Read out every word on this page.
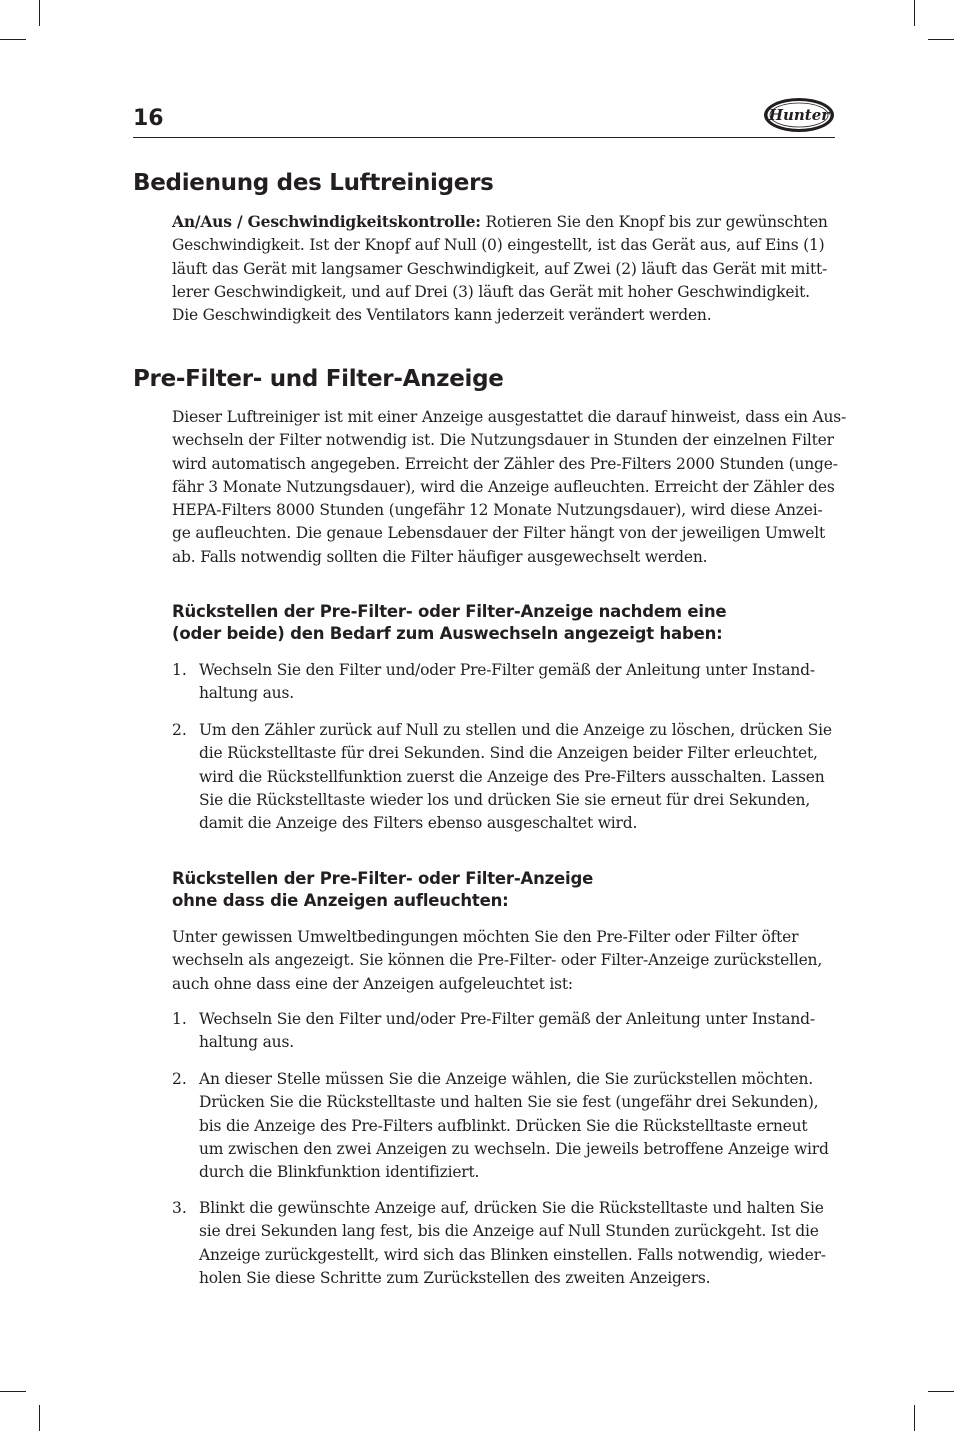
16	Hunter
Bedienung des Luftreinigers
An/Aus / Geschwindigkeitskontrolle: Rotieren Sie den Knopf bis zur gewünschten
Geschwindigkeit. Ist der Knopf auf Null (0) eingestellt, ist das Gerät aus, auf Eins (1)
läuft das Gerät mit langsamer Geschwindigkeit, auf Zwei (2) läuft das Gerät mit mitt-
lerer Geschwindigkeit, und auf Drei (3) läuft das Gerät mit hoher Geschwindigkeit.
Die Geschwindigkeit des Ventilators kann jederzeit verändert werden.
Pre-Filter- und Filter-Anzeige
Dieser Luftreiniger ist mit einer Anzeige ausgestattet die darauf hinweist, dass ein Aus-
wechseln der Filter notwendig ist. Die Nutzungsdauer in Stunden der einzelnen Filter
wird automatisch angegeben. Erreicht der Zähler des Pre-Filters 2000 Stunden (unge-
fähr 3 Monate Nutzungsdauer), wird die Anzeige aufleuchten. Erreicht der Zähler des
HEPA-Filters 8000 Stunden (ungefähr 12 Monate Nutzungsdauer), wird diese Anzei-
ge aufleuchten. Die genaue Lebensdauer der Filter hängt von der jeweiligen Umwelt
ab. Falls notwendig sollten die Filter häufiger ausgewechselt werden.
Rückstellen der Pre-Filter- oder Filter-Anzeige nachdem eine
(oder beide) den Bedarf zum Auswechseln angezeigt haben:
1. Wechseln Sie den Filter und/oder Pre-Filter gemäß der Anleitung unter Instand-
haltung aus.
2. Um den Zähler zurück auf Null zu stellen und die Anzeige zu löschen, drücken Sie
die Rückstelltaste für drei Sekunden. Sind die Anzeigen beider Filter erleuchtet,
wird die Rückstellfunktion zuerst die Anzeige des Pre-Filters ausschalten. Lassen
Sie die Rückstelltaste wieder los und drücken Sie sie erneut für drei Sekunden,
damit die Anzeige des Filters ebenso ausgeschaltet wird.
Rückstellen der Pre-Filter- oder Filter-Anzeige
ohne dass die Anzeigen aufleuchten:
Unter gewissen Umweltbedingungen möchten Sie den Pre-Filter oder Filter öfter
wechseln als angezeigt. Sie können die Pre-Filter- oder Filter-Anzeige zurückstellen,
auch ohne dass eine der Anzeigen aufgeleuchtet ist:
1. Wechseln Sie den Filter und/oder Pre-Filter gemäß der Anleitung unter Instand-
haltung aus.
2. An dieser Stelle müssen Sie die Anzeige wählen, die Sie zurückstellen möchten.
Drücken Sie die Rückstelltaste und halten Sie sie fest (ungefähr drei Sekunden),
bis die Anzeige des Pre-Filters aufblinkt. Drücken Sie die Rückstelltaste erneut
um zwischen den zwei Anzeigen zu wechseln. Die jeweils betroffene Anzeige wird
durch die Blinkfunktion identifiziert.
3. Blinkt die gewünschte Anzeige auf, drücken Sie die Rückstelltaste und halten Sie
sie drei Sekunden lang fest, bis die Anzeige auf Null Stunden zurückgeht. Ist die
Anzeige zurückgestellt, wird sich das Blinken einstellen. Falls notwendig, wieder-
holen Sie diese Schritte zum Zurückstellen des zweiten Anzeigers.
